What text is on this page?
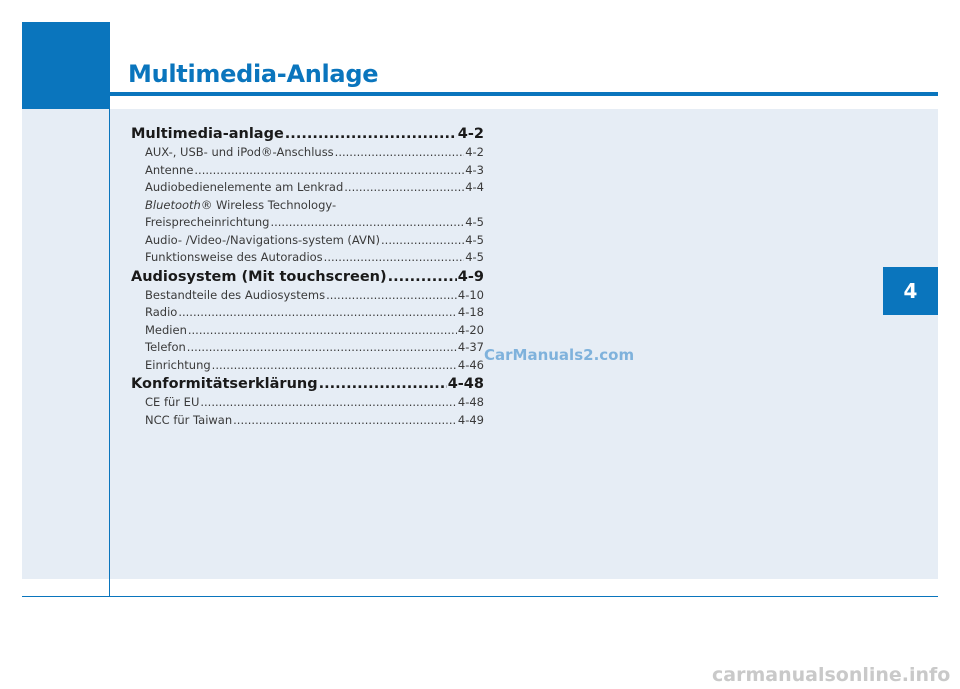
Multimedia-Anlage
4
Multimedia-anlage .....	4-2
AUX-, USB- und iPod®-Anschluss .....	4-2
Antenne .....	4-3
Audiobedienelemente am Lenkrad .....	4-4
Bluetooth ® Wireless Technology-
Freisprecheinrichtung .....	4-5
Audio- /Video-/Navigations-system (AVN) .....	4-5
Funktionsweise des Autoradios .....	4-5
Audiosystem (Mit touchscreen) .....	4-9
Bestandteile des Audiosystems .....	4-10
Radio .....	4-18
Medien .....	4-20
Telefon .....	4-37
Einrichtung .....	4-46
Konformitätserklärung .....	4-48
CE für EU .....	4-48
NCC für Taiwan .....	4-49
CarManuals2.com
carmanualsonline.info
